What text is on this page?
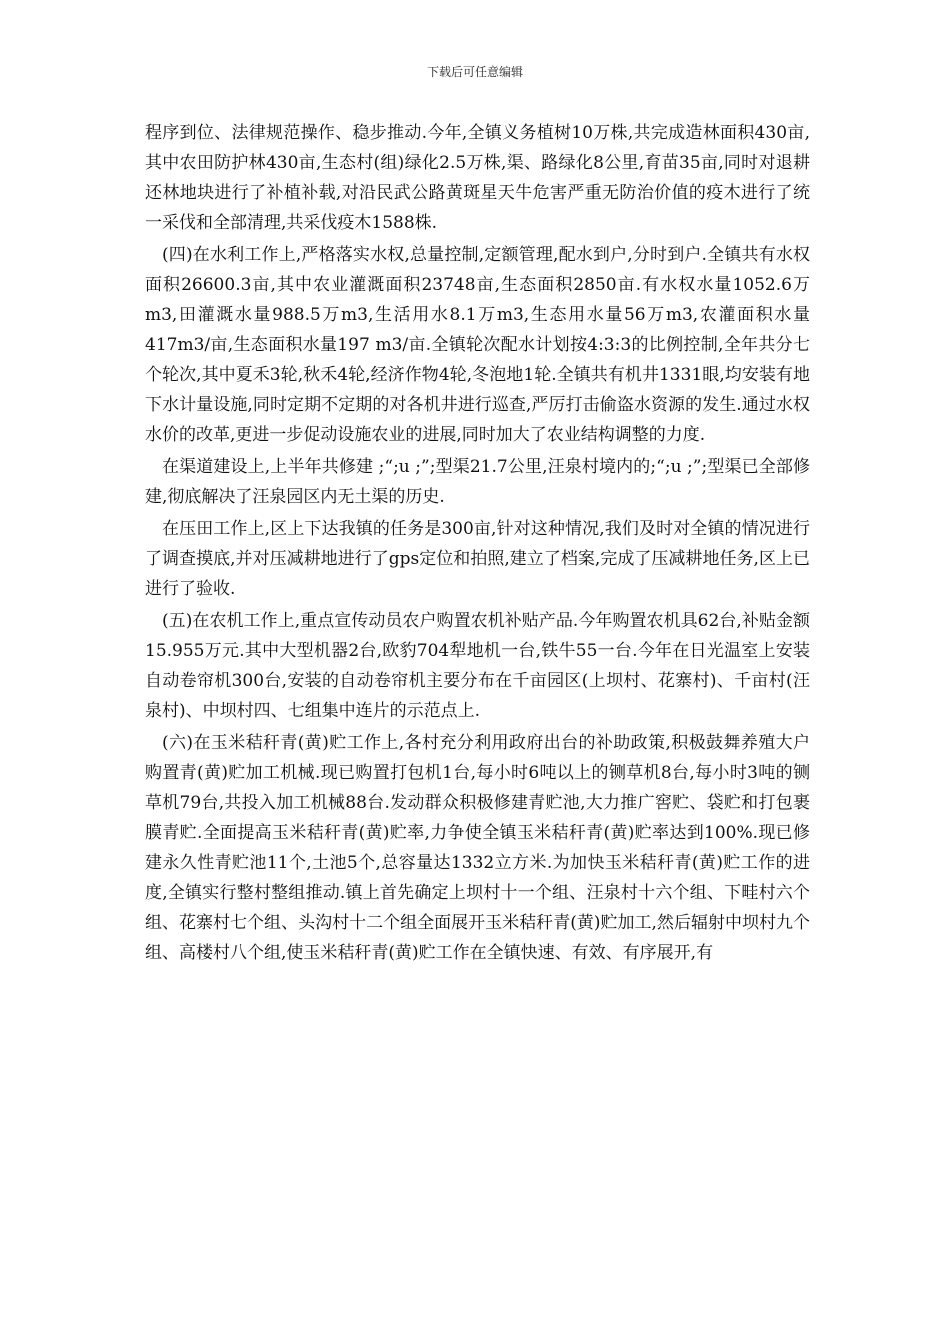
下载后可任意编辑

程序到位、法律规范操作、稳步推动.今年,全镇义务植树10万株,共完成造林面积430亩,其中农田防护林430亩,生态村(组)绿化2.5万株,渠、路绿化8公里,育苗35亩,同时对退耕还林地块进行了补植补载,对沿民武公路黄斑星天牛危害严重无防治价值的疫木进行了统一采伐和全部清理,共采伐疫木1588株.

(四)在水利工作上,严格落实水权,总量控制,定额管理,配水到户,分时到户.全镇共有水权面积26600.3亩,其中农业灌溉面积23748亩,生态面积2850亩.有水权水量1052.6万m3,田灌溉水量988.5万m3,生活用水8.1万m3,生态用水量56万m3,农灌面积水量417m3/亩,生态面积水量197 m3/亩.全镇轮次配水计划按4:3:3的比例控制,全年共分七个轮次,其中夏禾3轮,秋禾4轮,经济作物4轮,冬泡地1轮.全镇共有机井1331眼,均安装有地下水计量设施,同时定期不定期的对各机井进行巡查,严厉打击偷盗水资源的发生.通过水权水价的改革,更进一步促动设施农业的进展,同时加大了农业结构调整的力度.

在渠道建设上,上半年共修建 ;“;u ;”;型渠21.7公里,汪泉村境内的;“;u ;”;型渠已全部修建,彻底解决了汪泉园区内无土渠的历史.

在压田工作上,区上下达我镇的任务是300亩,针对这种情况,我们及时对全镇的情况进行了调查摸底,并对压减耕地进行了gps定位和拍照,建立了档案,完成了压减耕地任务,区上已进行了验收.

(五)在农机工作上,重点宣传动员农户购置农机补贴产品.今年购置农机具62台,补贴金额15.955万元.其中大型机器2台,欧豹704犁地机一台,铁牛55一台.今年在日光温室上安装自动卷帘机300台,安装的自动卷帘机主要分布在千亩园区(上坝村、花寨村)、千亩村(汪泉村)、中坝村四、七组集中连片的示范点上.

(六)在玉米秸秆青(黄)贮工作上,各村充分利用政府出台的补助政策,积极鼓舞养殖大户购置青(黄)贮加工机械.现已购置打包机1台,每小时6吨以上的铡草机8台,每小时3吨的铡草机79台,共投入加工机械88台.发动群众积极修建青贮池,大力推广窖贮、袋贮和打包裹膜青贮.全面提高玉米秸秆青(黄)贮率,力争使全镇玉米秸秆青(黄)贮率达到100%.现已修建永久性青贮池11个,土池5个,总容量达1332立方米.为加快玉米秸秆青(黄)贮工作的进度,全镇实行整村整组推动.镇上首先确定上坝村十一个组、汪泉村十六个组、下畦村六个组、花寨村七个组、头沟村十二个组全面展开玉米秸秆青(黄)贮加工,然后辐射中坝村九个组、高楼村八个组,使玉米秸秆青(黄)贮工作在全镇快速、有效、有序展开,有
